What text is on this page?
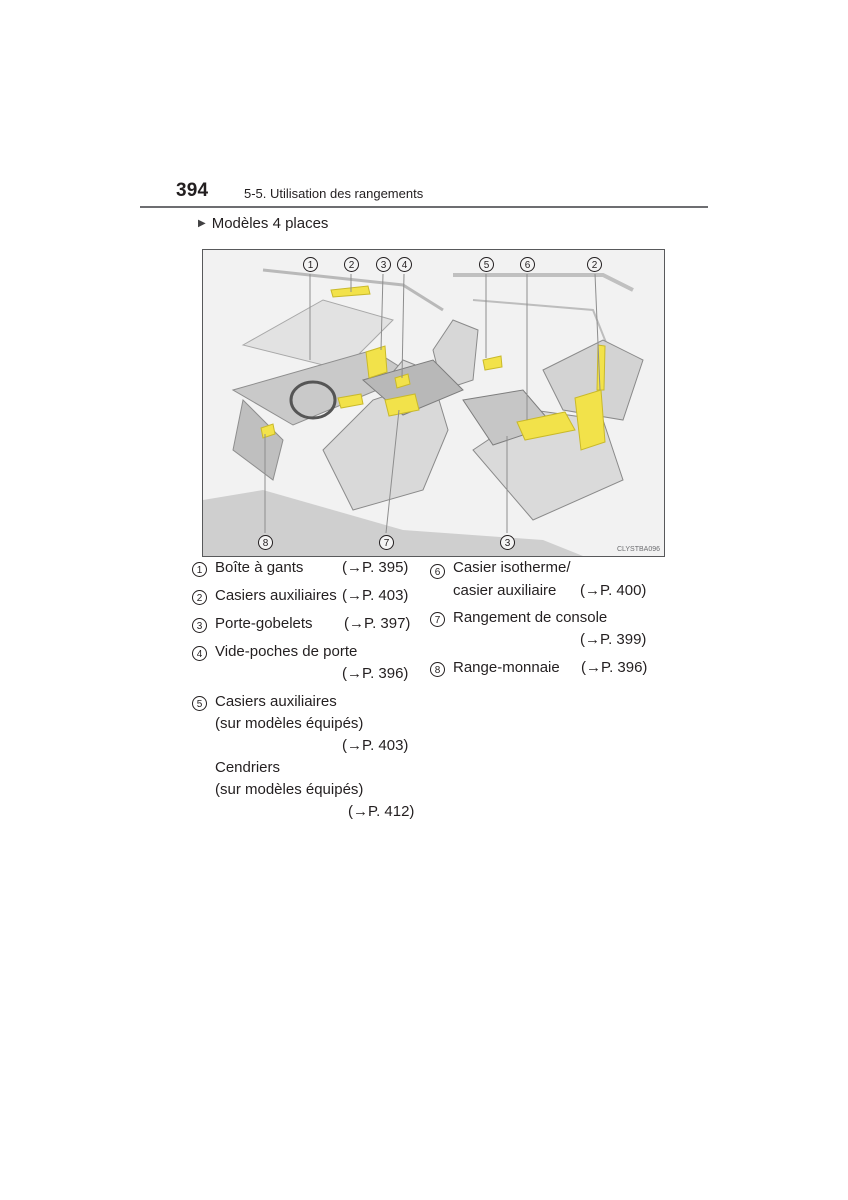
394	5-5. Utilisation des rangements
▶ Modèles 4 places
1	2	3	4	5	6	2
8	7	3
CLYSTBA096
1 Boîte à gants	(→P. 395)
2 Casiers auxiliaires (→P. 403)
3 Porte-gobelets (→P. 397)
4 Vide-poches de porte
(→P. 396)
5 Casiers auxiliaires
(sur modèles équipés)
(→P. 403)
Cendriers
(sur modèles équipés)
(→P. 412)
6 Casier isotherme/
casier auxiliaire (→P. 400)
7 Rangement de console
(→P. 399)
8 Range-monnaie (→P. 396)
